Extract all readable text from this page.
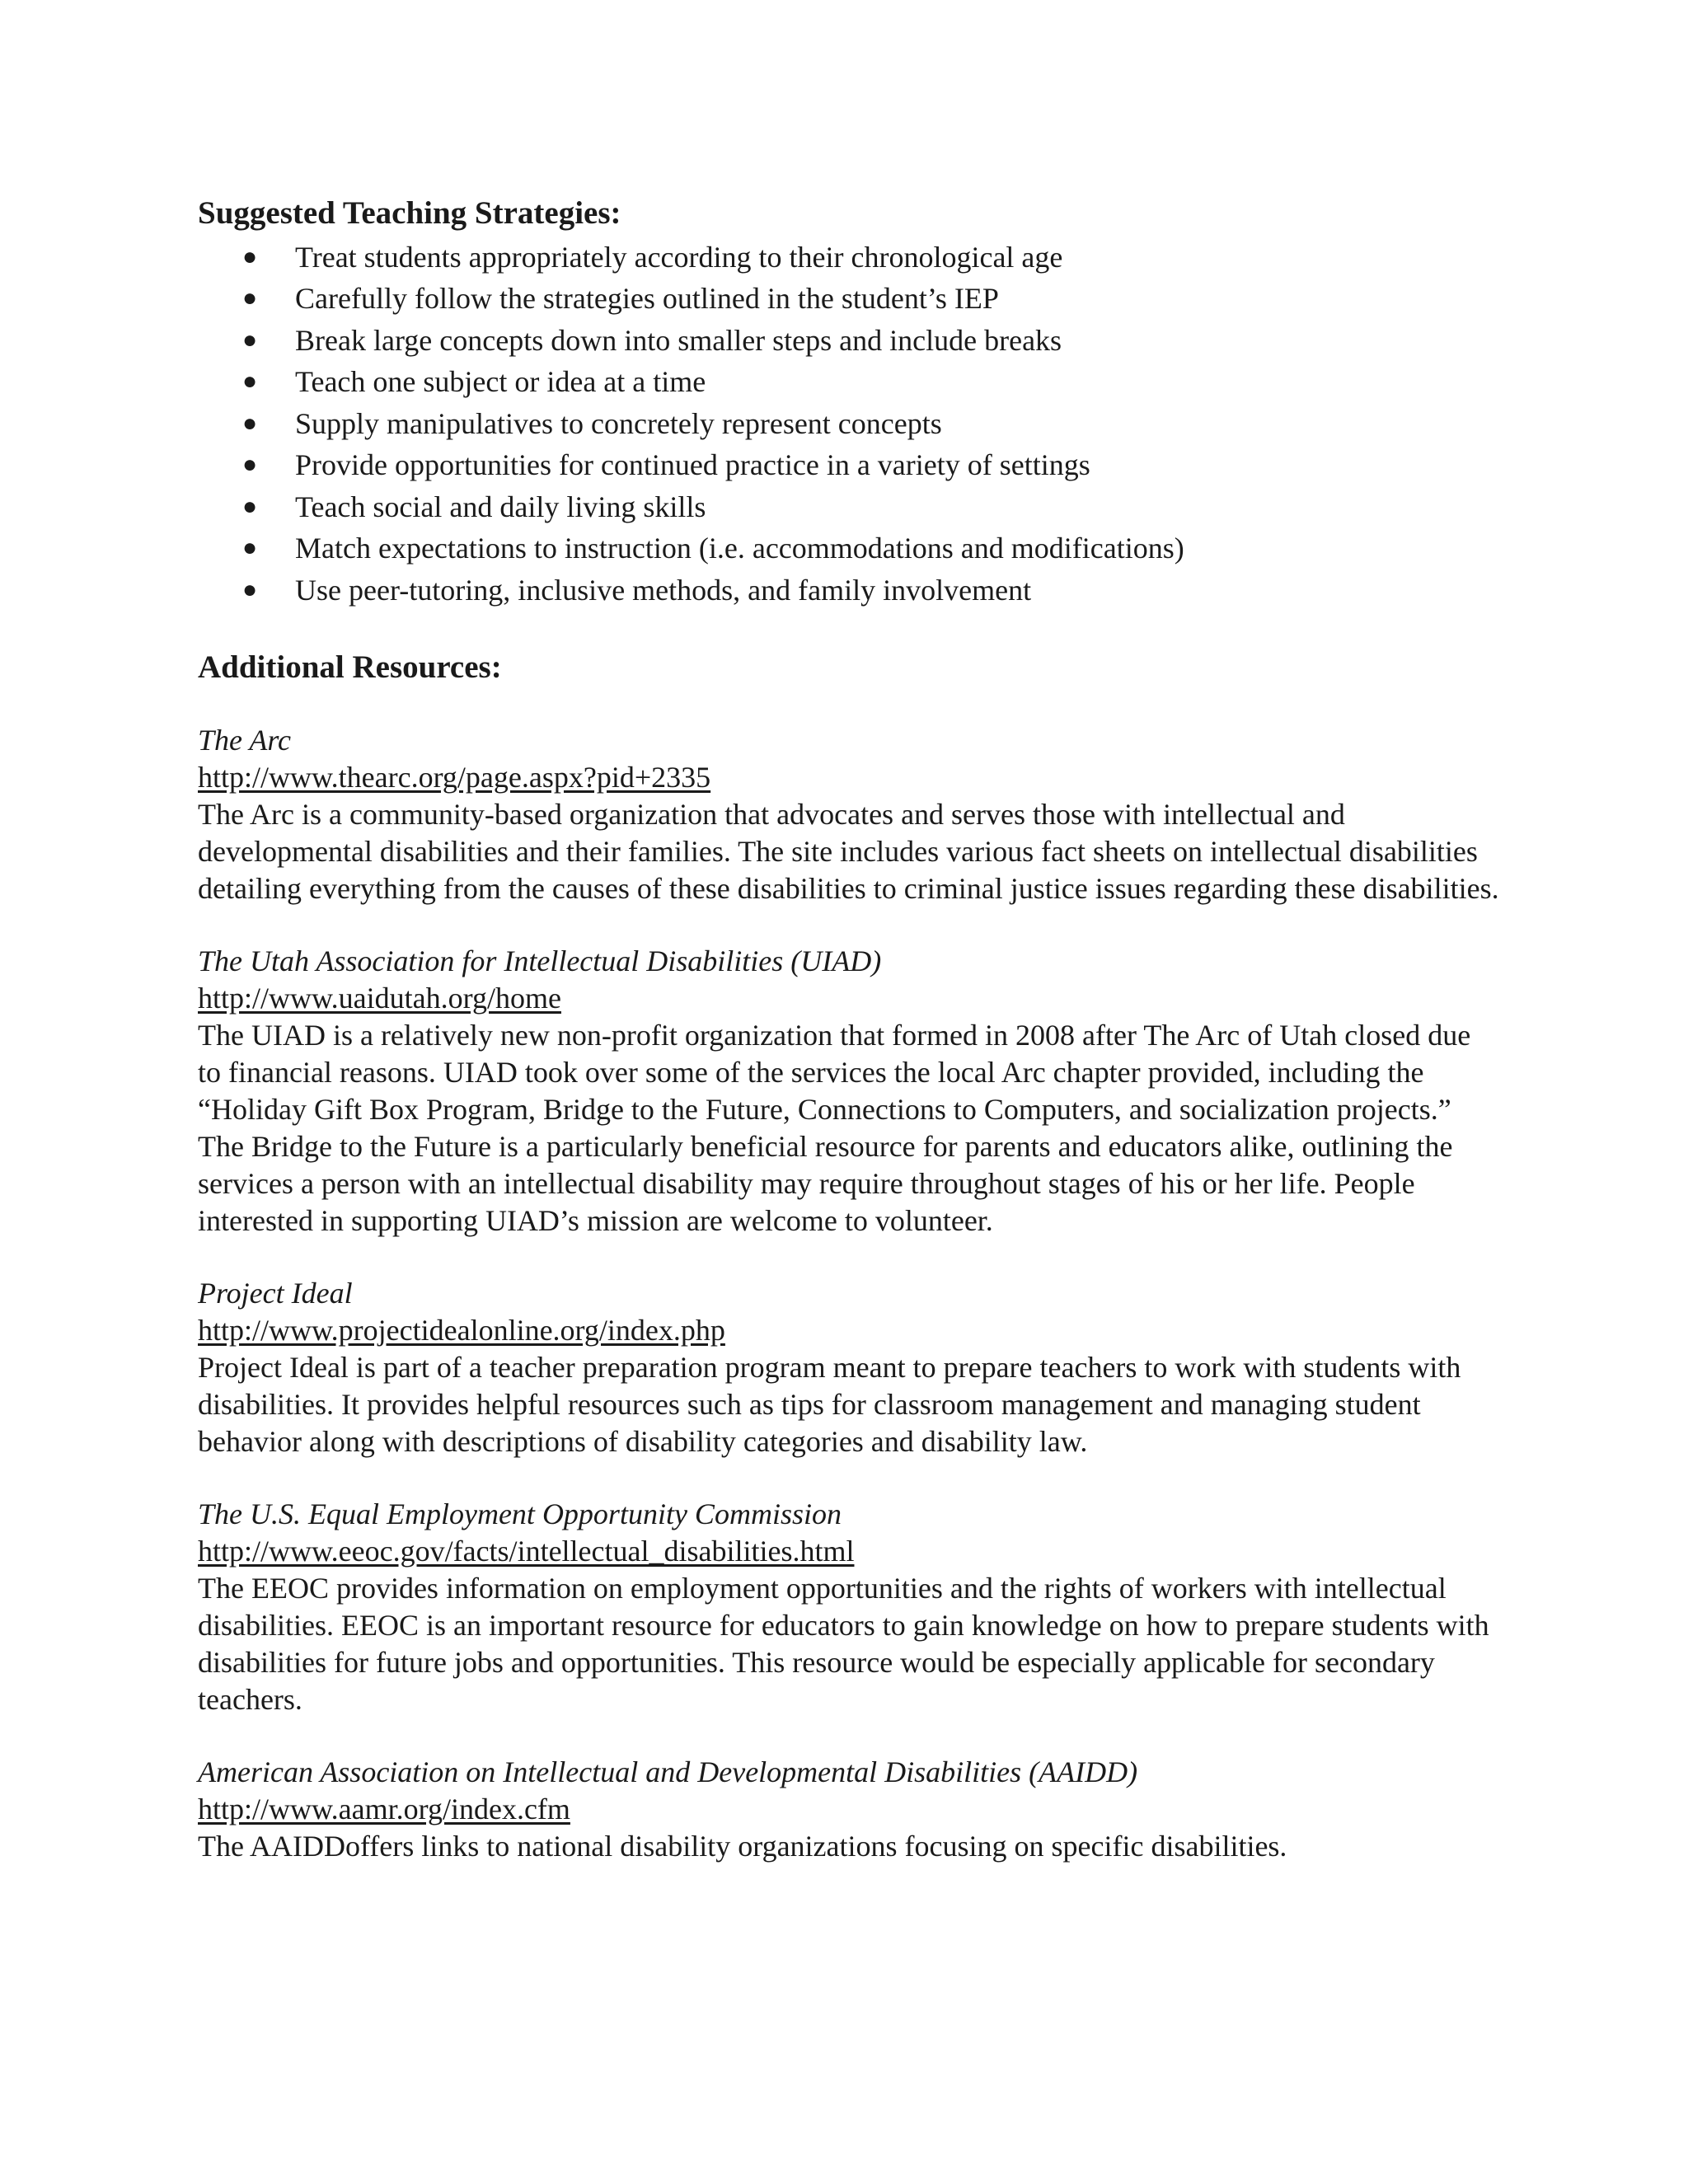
Suggested Teaching Strategies:
● Treat students appropriately according to their chronological age
● Carefully follow the strategies outlined in the student’s IEP
● Break large concepts down into smaller steps and include breaks
● Teach one subject or idea at a time
● Supply manipulatives to concretely represent concepts
● Provide opportunities for continued practice in a variety of settings
● Teach social and daily living skills
● Match expectations to instruction (i.e. accommodations and modifications)
● Use peer-tutoring, inclusive methods, and family involvement
Additional Resources:

The Arc

http://www.thearc.org/page.aspx?pid+2335

The Arc is a community-based organization that advocates and serves those with intellectual and developmental disabilities and their families. The site includes various fact sheets on intellectual disabilities detailing everything from the causes of these disabilities to criminal justice issues regarding these disabilities.

The Utah Association for Intellectual Disabilities (UIAD)

http://www.uaidutah.org/home

The UIAD is a relatively new non-profit organization that formed in 2008 after The Arc of Utah closed due to financial reasons. UIAD took over some of the services the local Arc chapter provided, including the “Holiday Gift Box Program, Bridge to the Future, Connections to Computers, and socialization projects.” The Bridge to the Future is a particularly beneficial resource for parents and educators alike, outlining the services a person with an intellectual disability may require throughout stages of his or her life. People interested in supporting UIAD’s mission are welcome to volunteer.

Project Ideal

http://www.projectidealonline.org/index.php

Project Ideal is part of a teacher preparation program meant to prepare teachers to work with students with disabilities. It provides helpful resources such as tips for classroom management and managing student behavior along with descriptions of disability categories and disability law.

The U.S. Equal Employment Opportunity Commission

http://www.eeoc.gov/facts/intellectual_disabilities.html

The EEOC provides information on employment opportunities and the rights of workers with intellectual disabilities. EEOC is an important resource for educators to gain knowledge on how to prepare students with disabilities for future jobs and opportunities. This resource would be especially applicable for secondary teachers.

American Association on Intellectual and Developmental Disabilities (AAIDD)

http://www.aamr.org/index.cfm

The AAIDDoffers links to national disability organizations focusing on specific disabilities.
